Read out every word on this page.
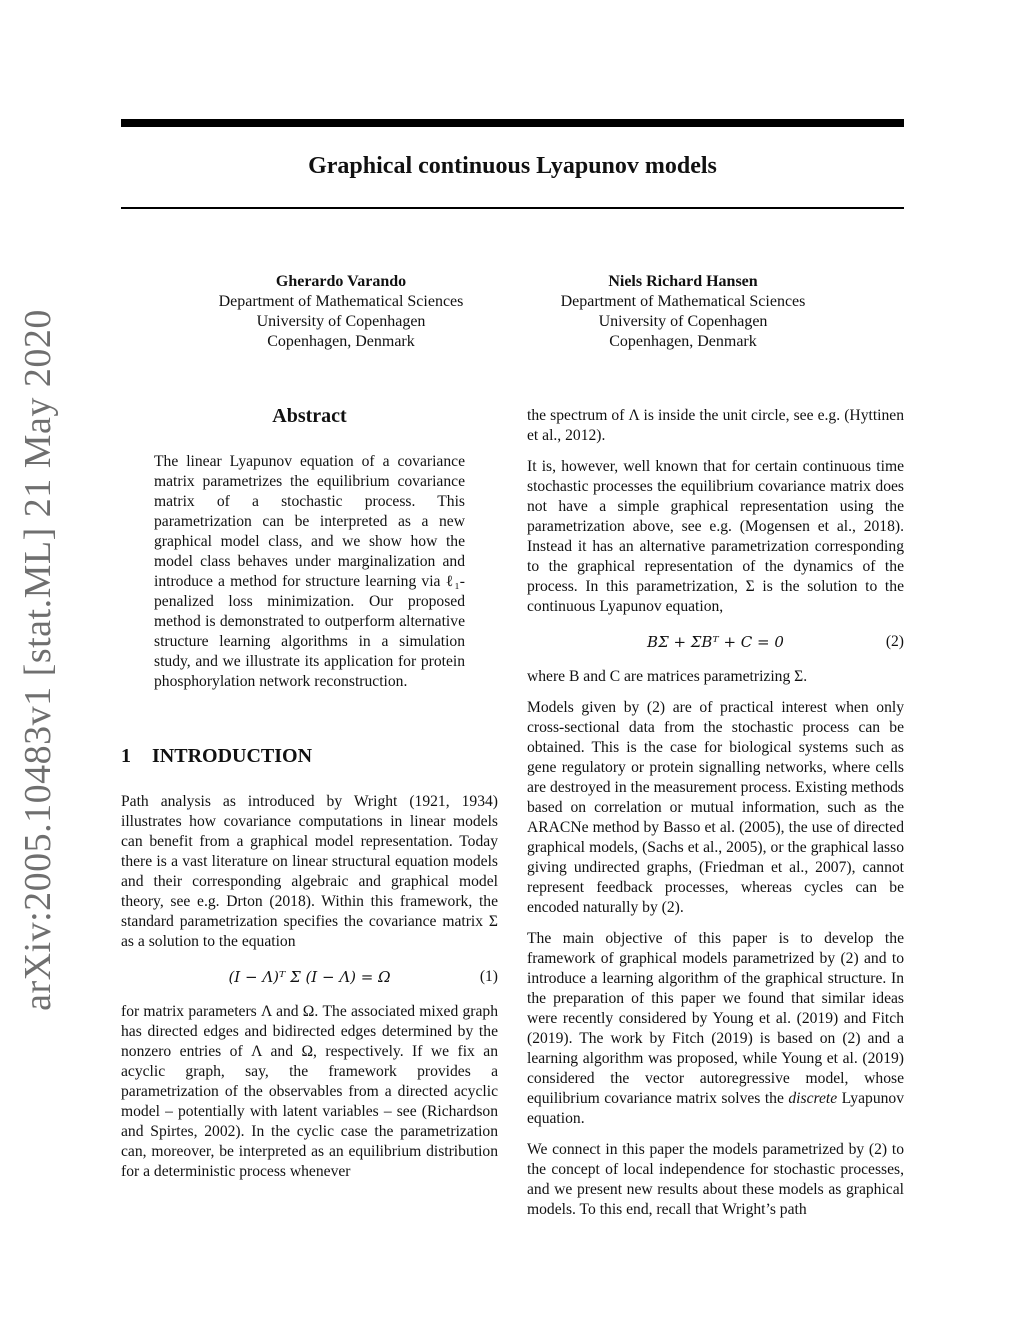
Graphical continuous Lyapunov models
arXiv:2005.10483v1 [stat.ML] 21 May 2020
Gherardo Varando
Department of Mathematical Sciences
University of Copenhagen
Copenhagen, Denmark
Niels Richard Hansen
Department of Mathematical Sciences
University of Copenhagen
Copenhagen, Denmark
Abstract

The linear Lyapunov equation of a covariance matrix parametrizes the equilibrium covariance matrix of a stochastic process. This parametrization can be interpreted as a new graphical model class, and we show how the model class behaves under marginalization and introduce a method for structure learning via ℓ₁-penalized loss minimization. Our proposed method is demonstrated to outperform alternative structure learning algorithms in a simulation study, and we illustrate its application for protein phosphorylation network reconstruction.

1 INTRODUCTION

Path analysis as introduced by Wright (1921, 1934) illustrates how covariance computations in linear models can benefit from a graphical model representation. Today there is a vast literature on linear structural equation models and their corresponding algebraic and graphical model theory, see e.g. Drton (2018). Within this framework, the standard parametrization specifies the covariance matrix Σ as a solution to the equation

(I − Λ)ᵀ Σ (I − Λ) = Ω	(1)

for matrix parameters Λ and Ω. The associated mixed graph has directed edges and bidirected edges determined by the nonzero entries of Λ and Ω, respectively. If we fix an acyclic graph, say, the framework provides a parametrization of the observables from a directed acyclic model – potentially with latent variables – see (Richardson and Spirtes, 2002). In the cyclic case the parametrization can, moreover, be interpreted as an equilibrium distribution for a deterministic process whenever

the spectrum of Λ is inside the unit circle, see e.g. (Hyttinen et al., 2012).

It is, however, well known that for certain continuous time stochastic processes the equilibrium covariance matrix does not have a simple graphical representation using the parametrization above, see e.g. (Mogensen et al., 2018). Instead it has an alternative parametrization corresponding to the graphical representation of the dynamics of the process. In this parametrization, Σ is the solution to the continuous Lyapunov equation,

BΣ + ΣBᵀ + C = 0	(2)

where B and C are matrices parametrizing Σ.

Models given by (2) are of practical interest when only cross-sectional data from the stochastic process can be obtained. This is the case for biological systems such as gene regulatory or protein signalling networks, where cells are destroyed in the measurement process. Existing methods based on correlation or mutual information, such as the ARACNe method by Basso et al. (2005), the use of directed graphical models, (Sachs et al., 2005), or the graphical lasso giving undirected graphs, (Friedman et al., 2007), cannot represent feedback processes, whereas cycles can be encoded naturally by (2).

The main objective of this paper is to develop the framework of graphical models parametrized by (2) and to introduce a learning algorithm of the graphical structure. In the preparation of this paper we found that similar ideas were recently considered by Young et al. (2019) and Fitch (2019). The work by Fitch (2019) is based on (2) and a learning algorithm was proposed, while Young et al. (2019) considered the vector autoregressive model, whose equilibrium covariance matrix solves the discrete Lyapunov equation.

We connect in this paper the models parametrized by (2) to the concept of local independence for stochastic processes, and we present new results about these models as graphical models. To this end, recall that Wright’s path
